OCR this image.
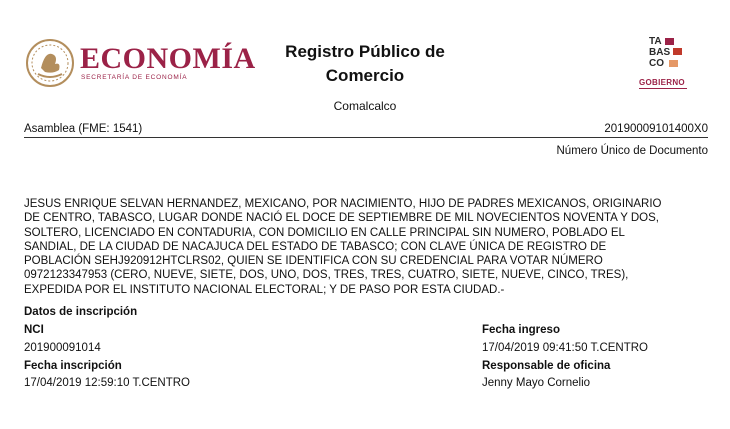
ECONOMÍA
SECRETARÍA DE ECONOMÍA
Registro Público de
Comercio
Comalcalco
TA
BAS
CO
GOBIERNO
Asamblea (FME: 1541)	2019000910​1400X0
Número Único de Documento
JESUS ENRIQUE SELVAN HERNANDEZ, MEXICANO, POR NACIMIENTO, HIJO DE PADRES MEXICANOS, ORIGINARIO
DE CENTRO, TABASCO, LUGAR DONDE NACIÓ EL DOCE DE SEPTIEMBRE DE MIL NOVECIENTOS NOVENTA Y DOS,
SOLTERO, LICENCIADO EN CONTADURIA, CON DOMICILIO EN CALLE PRINCIPAL SIN NUMERO, POBLADO EL
SANDIAL, DE LA CIUDAD DE NACAJUCA DEL ESTADO DE TABASCO; CON CLAVE ÚNICA DE REGISTRO DE
POBLACIÓN SEHJ920912HTCLRS02, QUIEN SE IDENTIFICA CON SU CREDENCIAL PARA VOTAR NÚMERO
0972123347953 (CERO, NUEVE, SIETE, DOS, UNO, DOS, TRES, TRES, CUATRO, SIETE, NUEVE, CINCO, TRES),
EXPEDIDA POR EL INSTITUTO NACIONAL ELECTORAL; Y DE PASO POR ESTA CIUDAD.-
Datos de inscripción
NCI
201900091014
Fecha inscripción
17/04/2019 12:59:10 T.CENTRO
Fecha ingreso
17/04/2019 09:41:50 T.CENTRO
Responsable de oficina
Jenny Mayo Cornelio
